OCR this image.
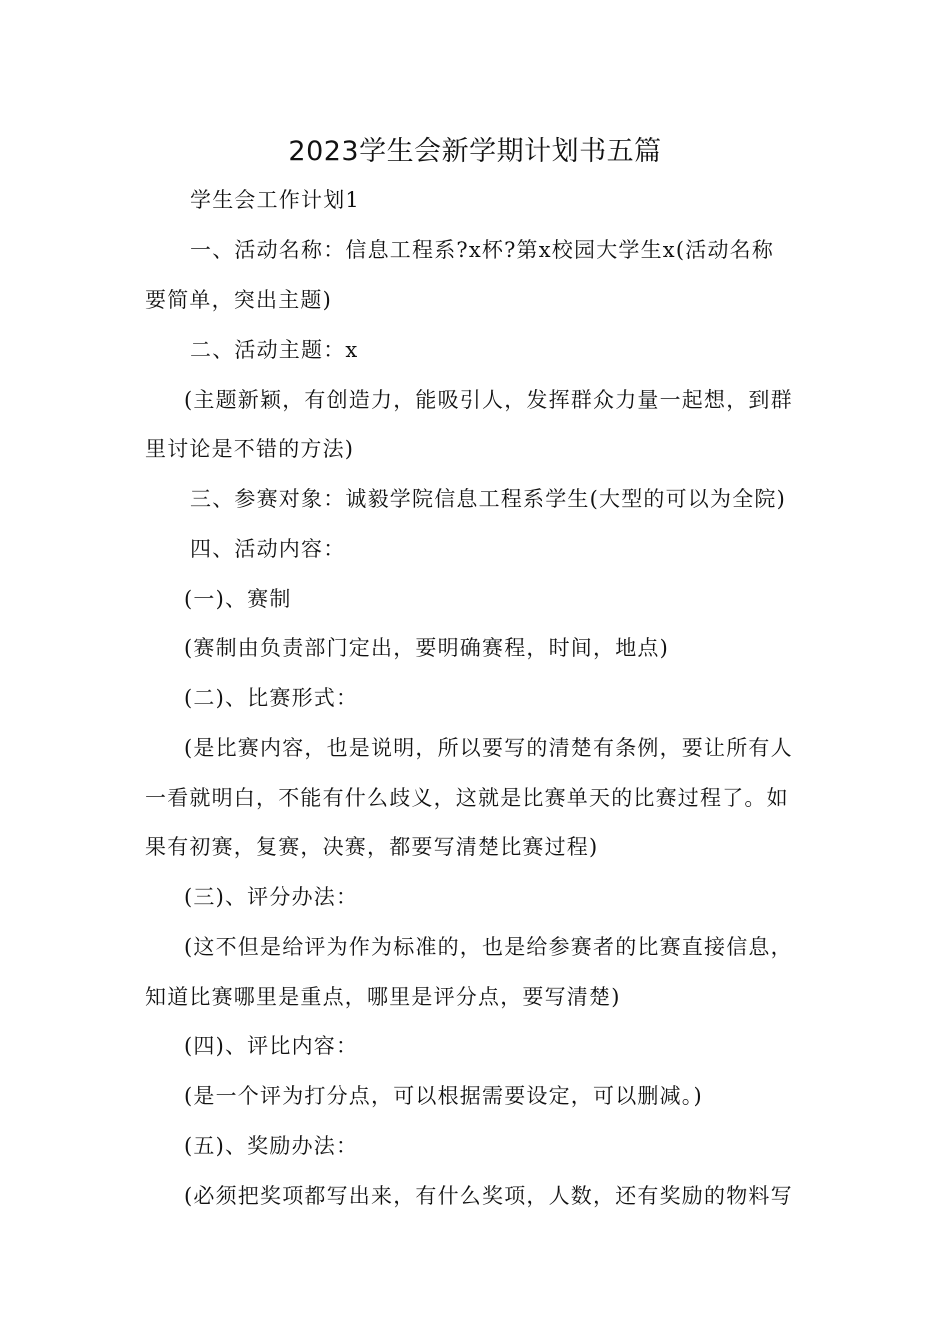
2023学生会新学期计划书五篇
学生会工作计划1
一、活动名称：信息工程系?x杯?第x校园大学生x(活动名称
要简单，突出主题)
二、活动主题：x
(主题新颖，有创造力，能吸引人，发挥群众力量一起想，到群
里讨论是不错的方法)
三、参赛对象：诚毅学院信息工程系学生(大型的可以为全院)
四、活动内容：
(一)、赛制
(赛制由负责部门定出，要明确赛程，时间，地点)
(二)、比赛形式：
(是比赛内容，也是说明，所以要写的清楚有条例，要让所有人
一看就明白，不能有什么歧义，这就是比赛单天的比赛过程了。如
果有初赛，复赛，决赛，都要写清楚比赛过程)
(三)、评分办法：
(这不但是给评为作为标准的，也是给参赛者的比赛直接信息，
知道比赛哪里是重点，哪里是评分点，要写清楚)
(四)、评比内容：
(是一个评为打分点，可以根据需要设定，可以删减。)
(五)、奖励办法：
(必须把奖项都写出来，有什么奖项，人数，还有奖励的物料写
